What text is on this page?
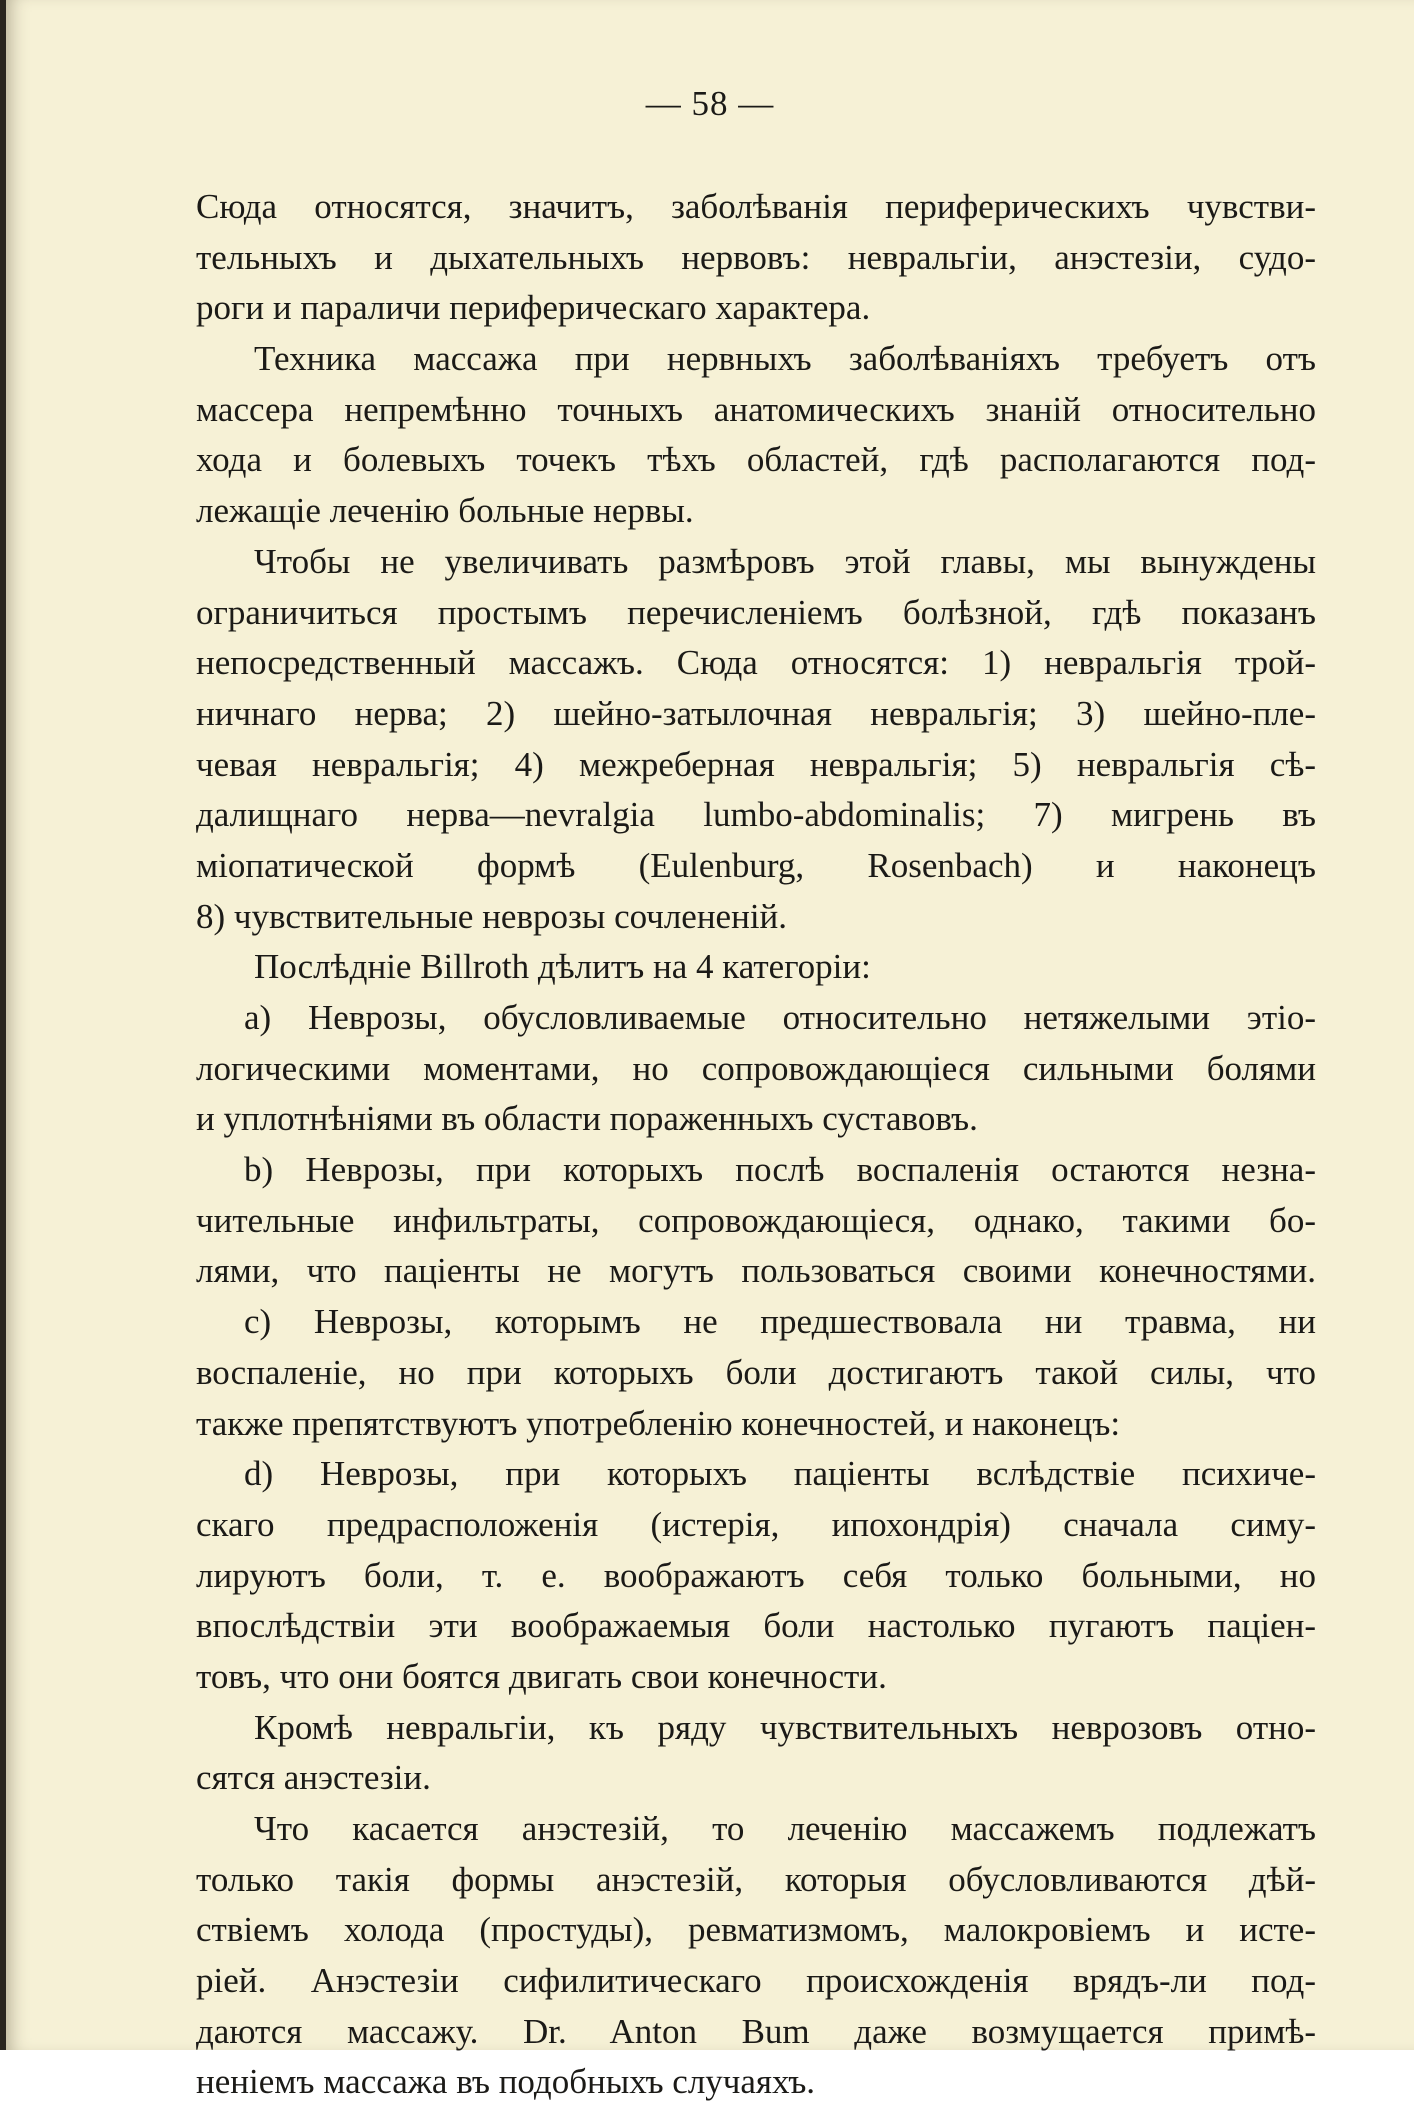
— 58 —
Сюда относятся, значитъ, заболѣванія периферическихъ чувстви-
тельныхъ и дыхательныхъ нервовъ: невральгіи, анэстезіи, судо-
роги и параличи периферическаго характера.
Техника массажа при нервныхъ заболѣваніяхъ требуетъ отъ
массера непремѣнно точныхъ анатомическихъ знаній относительно
хода и болевыхъ точекъ тѣхъ областей, гдѣ располагаются под-
лежащіе леченію больные нервы.
Чтобы не увеличивать размѣровъ этой главы, мы вынуждены
ограничиться простымъ перечисленіемъ болѣзной, гдѣ показанъ
непосредственный массажъ. Сюда относятся: 1) невральгія трой-
ничнаго нерва; 2) шейно-затылочная невральгія; 3) шейно-пле-
чевая невральгія; 4) межреберная невральгія; 5) невральгія сѣ-
далищнаго нерва—nevralgia lumbo-abdominalis; 7) мигрень въ
міопатической формѣ (Eulenburg, Rosenbach) и наконецъ
8) чувствительные неврозы сочлененій.
Послѣдніе Billroth дѣлитъ на 4 категоріи:
a) Неврозы, обусловливаемые относительно нетяжелыми этіо-
логическими моментами, но сопровождающіеся сильными болями
и уплотнѣніями въ области пораженныхъ суставовъ.
b) Неврозы, при которыхъ послѣ воспаленія остаются незна-
чительные инфильтраты, сопровождающіеся, однако, такими бо-
лями, что паціенты не могутъ пользоваться своими конечностями.
c) Неврозы, которымъ не предшествовала ни травма, ни
воспаленіе, но при которыхъ боли достигаютъ такой силы, что
также препятствуютъ употребленію конечностей, и наконецъ:
d) Неврозы, при которыхъ паціенты вслѣдствіе психиче-
скаго предрасположенія (истерія, ипохондрія) сначала симу-
лируютъ боли, т. е. воображаютъ себя только больными, но
впослѣдствіи эти воображаемыя боли настолько пугаютъ паціен-
товъ, что они боятся двигать свои конечности.
Кромѣ невральгіи, къ ряду чувствительныхъ неврозовъ отно-
сятся анэстезіи.
Что касается анэстезій, то леченію массажемъ подлежатъ
только такія формы анэстезій, которыя обусловливаются дѣй-
ствіемъ холода (простуды), ревматизмомъ, малокровіемъ и исте-
ріей. Анэстезіи сифилитическаго происхожденія врядъ-ли под-
даются массажу. Dr. Anton Bum даже возмущается примѣ-
неніемъ массажа въ подобныхъ случаяхъ.
